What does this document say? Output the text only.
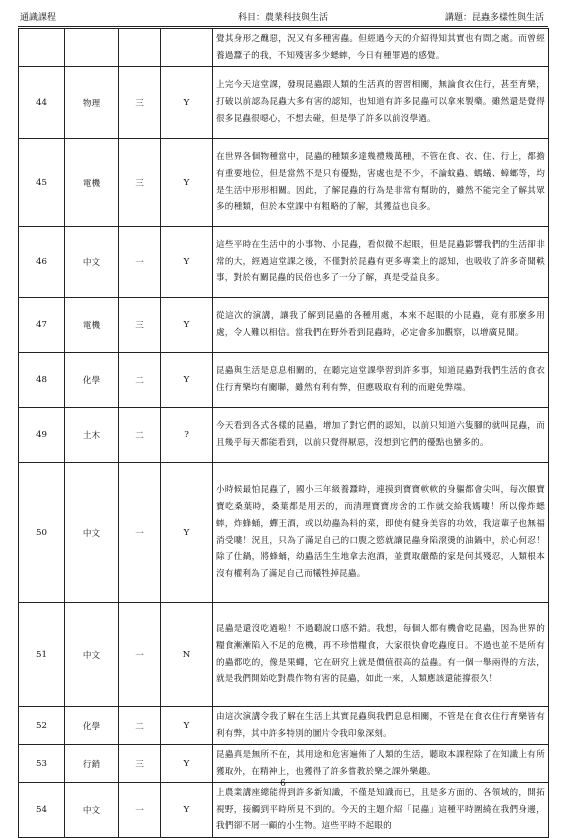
通識課程	科目：農業科技與生活	講題：昆蟲多樣性與生活
				覺其身形之醜惡，況又有多種害蟲。但經過今天的介紹得知其實也有間之處。而曾經養過蠶子的我，不知殘害多少蟋蟀，今日有種罪過的感覺。
44	物理	三	Y	上完今天這堂課，發現昆蟲跟人類的生活真的習習相關，無論食衣住行，甚至育樂，打破以前認為昆蟲大多有害的認知，也知道有許多昆蟲可以拿來製藥。雖然還是覺得很多昆蟲很噁心，不想去碰，但是學了許多以前沒學過。
45	電機	三	Y	在世界各個物種當中，昆蟲的種類多達幾禮幾萬種，不管在食、衣、住、行上，都擔有重要地位，但是當然不是只有優點，害處也是不少，不論蚊蟲、螞蟻、蟑螂等，均是生活中形形相關。因此，了解昆蟲的行為是非常有幫助的，雖然不能完全了解其眾多的種類，但於本堂課中有粗略的了解，其獲益也良多。
46	中文	一	Y	這些平時在生活中的小事物、小昆蟲，看似微不起眼，但是昆蟲影響我們的生活卻非常的大，經過這堂課之後，不僅對於昆蟲有更多專業上的認知，也吸收了許多奇聞軼事，對於有關昆蟲的民俗也多了一分了解，真是受益良多。
47	電機	三	Y	從這次的演講，讓我了解到昆蟲的各種用處，本來不起眼的小昆蟲，竟有那麼多用處，令人難以相信。當我們在野外看到昆蟲時，必定會多加觀察，以增廣見聞。
48	化學	二	Y	昆蟲與生活是息息相關的，在聽完這堂課學習到許多事，知道昆蟲對我們生活的食衣住行育樂均有關聯，雖然有利有弊，但應吸取有利的而避免弊端。
49	土木	二	?	今天看到各式各樣的昆蟲，增加了對它們的認知，以前只知道六隻腳的就叫昆蟲，而且幾乎每天都能看到，以前只覺得厭惡，沒想到它們的優點也蠻多的。
50	中文	一	Y	小時候最怕昆蟲了，國小三年級養蠶時，連摸到寶寶軟軟的身軀都會尖叫，每次餵寶寶吃桑葉時，桑葉都是用丟的，而清理寶寶房舍的工作就交給我媽嘍！所以像炸蟋蟀，炸蜂蛹，蟬王酒，或以幼蟲為料的菜，即使有健身美容的功效，我這輩子也無福消受嘍！況且，只為了滿足自己的口腹之慾就讓昆蟲身陷滾燙的油鍋中，於心何忍！除了仕鍋，將蜂蛹，幼蟲活生生地拿去泡酒，並賣取嚴酷的家是何其殘忍，人類根本沒有權利為了滿足自己而犧牲掉昆蟲。
51	中文	一	N	昆蟲是還沒吃過啦！不過聽說口感不錯。我想，每個人都有機會吃昆蟲，因為世界的糧食漸漸陷入不足的危機，再不珍惜糧食，大家很快會吃蟲度日。不過也並不是所有的蟲都吃的，像是果蠅，它在研究上就是價值很高的益蟲。有一個一舉兩得的方法，就是我們開始吃對農作物有害的昆蟲，如此一來，人類應該還能撐很久！
52	化學	二	Y	由這次演講令我了解在生活上其實昆蟲與我們息息相關，不管是在食衣住行育樂皆有利有弊，其中許多特別的圖片令我印象深刻。
53	行銷	三	Y	昆蟲真是無所不在，其用途和危害遍佈了人類的生活，聽取本課程除了在知識上有所獲取外，在精神上，也獲得了許多嘗教於樂之課外樂趣。
54	中文	一	Y	上農業講座總能得到許多新知識，不僅是知識而已，且是多方面的、各領域的，開拓視野，接觸到平時所見不到的。今天的主題介紹「昆蟲」這種平時圍繞在我們身邊，我們卻不屑一顧的小生物。這些平時不起眼的
6
